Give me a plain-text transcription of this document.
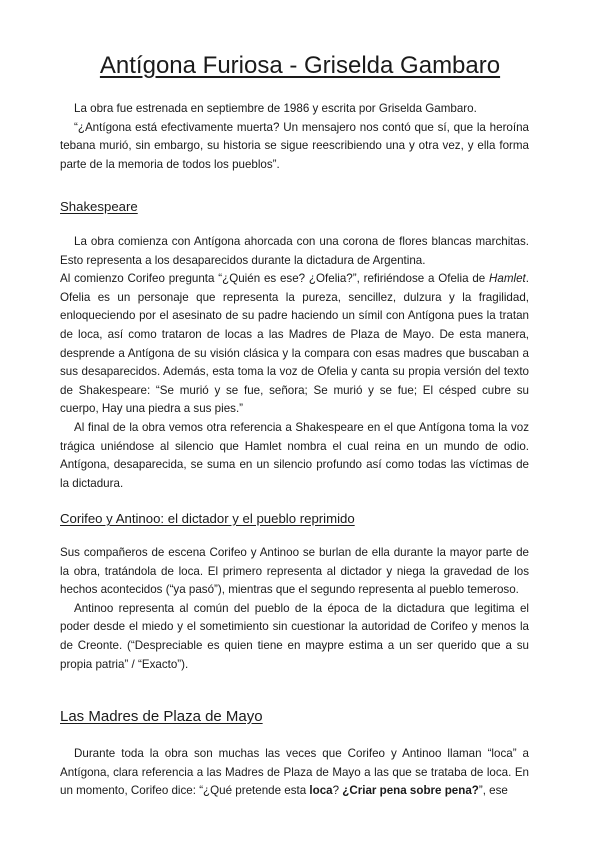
Antígona Furiosa - Griselda Gambaro

La obra fue estrenada en septiembre de 1986 y escrita por Griselda Gambaro.

“¿Antígona está efectivamente muerta? Un mensajero nos contó que sí, que la heroína tebana murió, sin embargo, su historia se sigue reescribiendo una y otra vez, y ella forma parte de la memoria de todos los pueblos”.

Shakespeare

La obra comienza con Antígona ahorcada con una corona de flores blancas marchitas. Esto representa a los desaparecidos durante la dictadura de Argentina.

Al comienzo Corifeo pregunta “¿Quién es ese? ¿Ofelia?”, refiriéndose a Ofelia de Hamlet. Ofelia es un personaje que representa la pureza, sencillez, dulzura y la fragilidad, enloqueciendo por el asesinato de su padre haciendo un símil con Antígona pues la tratan de loca, así como trataron de locas a las Madres de Plaza de Mayo. De esta manera, desprende a Antígona de su visión clásica y la compara con esas madres que buscaban a sus desaparecidos. Además, esta toma la voz de Ofelia y canta su propia versión del texto de Shakespeare: “Se murió y se fue, señora; Se murió y se fue; El césped cubre su cuerpo, Hay una piedra a sus pies.”

Al final de la obra vemos otra referencia a Shakespeare en el que Antígona toma la voz trágica uniéndose al silencio que Hamlet nombra el cual reina en un mundo de odio. Antígona, desaparecida, se suma en un silencio profundo así como todas las víctimas de la dictadura.

Corifeo y Antinoo: el dictador y el pueblo reprimido

Sus compañeros de escena Corifeo y Antinoo se burlan de ella durante la mayor parte de la obra, tratándola de loca. El primero representa al dictador y niega la gravedad de los hechos acontecidos (“ya pasó”), mientras que el segundo representa al pueblo temeroso.

Antinoo representa al común del pueblo de la época de la dictadura que legitima el poder desde el miedo y el sometimiento sin cuestionar la autoridad de Corifeo y menos la de Creonte. (“Despreciable es quien tiene en maypre estima a un ser querido que a su propia patria” / “Exacto”).

Las Madres de Plaza de Mayo

Durante toda la obra son muchas las veces que Corifeo y Antinoo llaman “loca” a Antígona, clara referencia a las Madres de Plaza de Mayo a las que se trataba de loca. En un momento, Corifeo dice: “¿Qué pretende esta loca? ¿Criar pena sobre pena?”, ese
